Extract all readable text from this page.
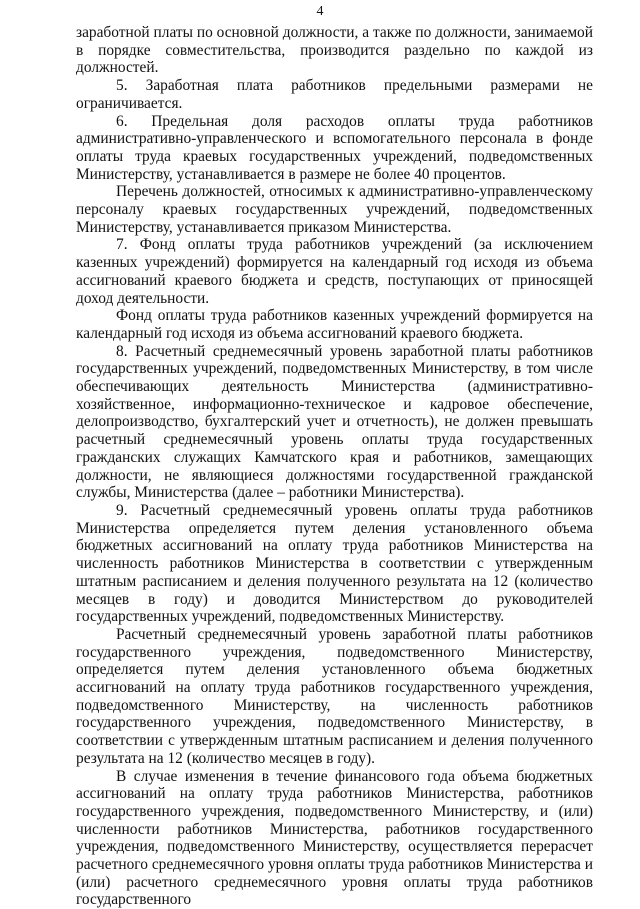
4

заработной платы по основной должности, а также по должности, занимаемой в порядке совместительства, производится раздельно по каждой из должностей.

5. Заработная плата работников предельными размерами не ограничивается.

6. Предельная доля расходов оплаты труда работников административно-управленческого и вспомогательного персонала в фонде оплаты труда краевых государственных учреждений, подведомственных Министерству, устанавливается в размере не более 40 процентов.

Перечень должностей, относимых к административно-управленческому персоналу краевых государственных учреждений, подведомственных Министерству, устанавливается приказом Министерства.

7. Фонд оплаты труда работников учреждений (за исключением казенных учреждений) формируется на календарный год исходя из объема ассигнований краевого бюджета и средств, поступающих от приносящей доход деятельности.

Фонд оплаты труда работников казенных учреждений формируется на календарный год исходя из объема ассигнований краевого бюджета.

8. Расчетный среднемесячный уровень заработной платы работников государственных учреждений, подведомственных Министерству, в том числе обеспечивающих деятельность Министерства (административно-хозяйственное, информационно-техническое и кадровое обеспечение, делопроизводство, бухгалтерский учет и отчетность), не должен превышать расчетный среднемесячный уровень оплаты труда государственных гражданских служащих Камчатского края и работников, замещающих должности, не являющиеся должностями государственной гражданской службы, Министерства (далее – работники Министерства).

9. Расчетный среднемесячный уровень оплаты труда работников Министерства определяется путем деления установленного объема бюджетных ассигнований на оплату труда работников Министерства на численность работников Министерства в соответствии с утвержденным штатным расписанием и деления полученного результата на 12 (количество месяцев в году) и доводится Министерством до руководителей государственных учреждений, подведомственных Министерству.

Расчетный среднемесячный уровень заработной платы работников государственного учреждения, подведомственного Министерству, определяется путем деления установленного объема бюджетных ассигнований на оплату труда работников государственного учреждения, подведомственного Министерству, на численность работников государственного учреждения, подведомственного Министерству, в соответствии с утвержденным штатным расписанием и деления полученного результата на 12 (количество месяцев в году).

В случае изменения в течение финансового года объема бюджетных ассигнований на оплату труда работников Министерства, работников государственного учреждения, подведомственного Министерству, и (или) численности работников Министерства, работников государственного учреждения, подведомственного Министерству, осуществляется перерасчет расчетного среднемесячного уровня оплаты труда работников Министерства и (или) расчетного среднемесячного уровня оплаты труда работников государственного
